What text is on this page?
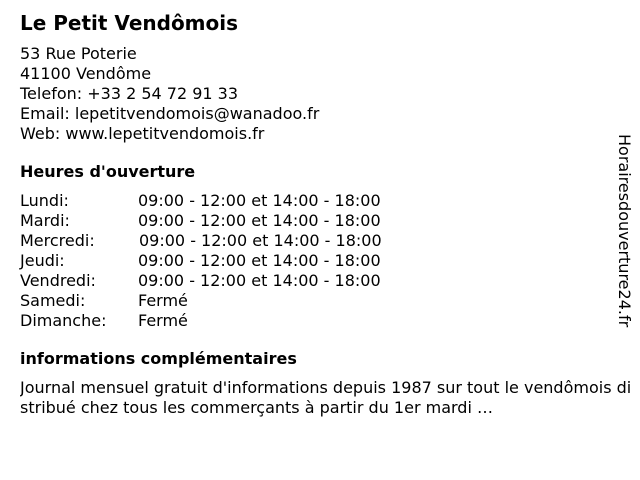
Le Petit Vendômois
53 Rue Poterie
41100 Vendôme
Telefon: +33 2 54 72 91 33
Email: lepetitvendomois@wanadoo.fr
Web: www.lepetitvendomois.fr
Heures d'ouverture
Lundi:	09:00 - 12:00 et 14:00 - 18:00
Mardi:	09:00 - 12:00 et 14:00 - 18:00
Mercredi:	09:00 - 12:00 et 14:00 - 18:00
Jeudi:	09:00 - 12:00 et 14:00 - 18:00
Vendredi:	09:00 - 12:00 et 14:00 - 18:00
Samedi:	Fermé
Dimanche: Fermé
informations complémentaires
Journal mensuel gratuit d'informations depuis 1987 sur tout le vendômois distribué chez tous les commerçants à partir du 1er mardi …
Horairesdouverture24.fr
